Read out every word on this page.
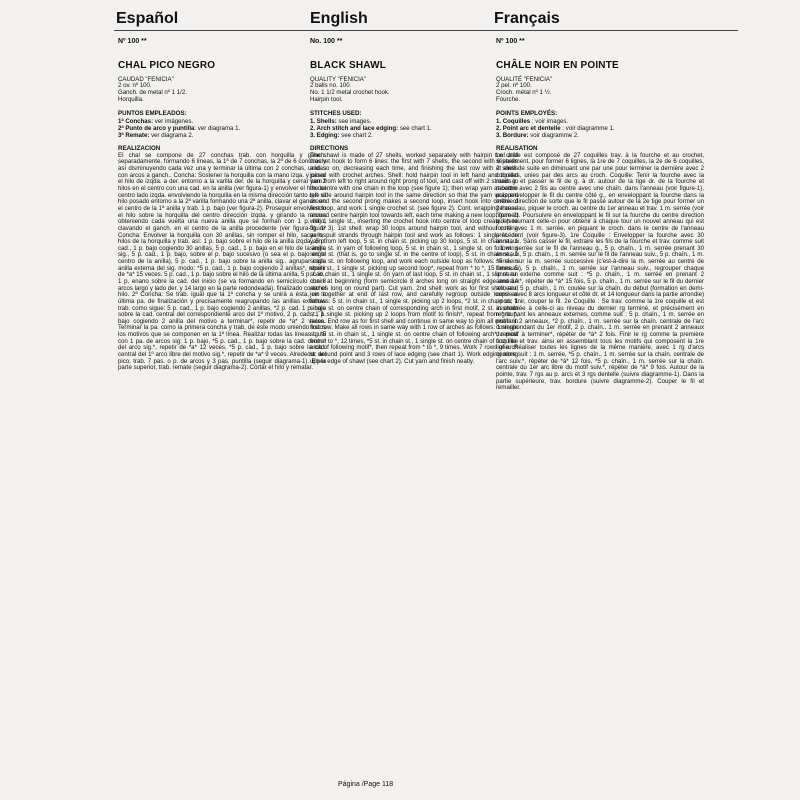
Español	English	Français
Nº 100 **
CHAL PICO NEGRO
CAUDAD "FENICIA"
2 ov. nº 100.
Ganch. de metal nº 1 1/2.
Horquilla.
PUNTOS EMPLEADOS:
1ª Conchas: ver imágenes.
2ª Punto de arco y puntilla: ver diagrama 1.
3ª Remate: ver diagrama 2.
REALIZACION

El chal se compone de 27 conchas trab. con horquilla y ganch. separadamente, formando 6 líneas, la 1ª de 7 conchas, la 2ª de 6 conchas y así disminuyendo cada vez una y terminar la última con 2 conchas, unidas con arcos a ganch.. Concha: Sostener la horquilla con la mano izqa. y pasar el hilo de izqda. a der. entorno a la varilla der. de la horquilla y cerrar con 2 hilos en el centro con una cad. en la anilla (ver figura-1) y envolver el hilo del centro lado izqda. envolviendo la horquilla en la misma dirección tanto que el hilo posado entorno a la 2ª varilla formando una 2ª anilla, clavar el ganch. en el centro de la 1ª anilla y trab. 1 p. bajo (ver figura-2). Proseguir envolviendo el hilo sobre la horquilla del centro dirección izqda. y girando la misma obteniendo cada vuelta una nueva anilla que se forman con 1 p. bajo, clavando el ganch. en el centro de la anilla procedente (ver figura-3). 1ª Concha: Envolver la horquilla con 30 anillas, sin romper el hilo, sacar los hilos de la horquilla y trab. así: 1 p. bajo sobre el hilo de la anilla izqda., 5 p. cad., 1 p. bajo cogiendo 30 anillas, 5 p. cad., 1 p. bajo en el hilo de la anilla sig., 5 p. cad., 1 p. bajo, sobre el p. bajo sucesivo (o sea el p. bajo en el centro de la anilla), 5 p. cad., 1 p. bajo sobre la anilla sig.. agrupar cada anilla externa del sig. modo: *5 p. cad., 1 p. bajo cogiendo 2 anillas*, repetir de *a* 15 veces. 5 p. cad., 1 p. bajo sobre el hilo de la última anilla, 5 p. cad., 1 p. enano sobre la cad. del inicio (se va formando en semicírculo con 8 arcos largo y lado der. y 14 largo en la parte redondeada). finalizado cortar el hilo. 2ª Concha: Se trab. igual que la 1ª concha y se unirá a ésta, en la última pa. de finalización y precisamente reagrupando las anillas externas trab. como sigue: 5 p. cad., 1 p. bajo cogiendo 2 anillas, *2 p. cad. 1 p. bajo sobre la cad. central del correspondiente arco del 1º motivo, 2 p. cad., 1 p. bajo cogiendo 2 anilla del motivo a terminar*, repetir de *a* 2 veces. Terminar la pa. como la primera concha y trab. de éste modo uniendo todos los motivos que se componen en la 1ª línea. Realizar todas las líneas igual con 1 pa. de arcos sig: 1 p. bajo, *5 p. cad., 1 p. bajo sobre la cad. central del arco sig.*, repetir de *a* 12 veces. *5 p. cad., 1 p. bajo sobre la cad. central del 1º arco libre del motivo sig.*, repetir de *a* 9 veces. Alrededor del pico, trab. 7 pas. o p. de arcos y 3 pas. puntilla (seguir diagrama-1). En la parte superior, trab. remate (seguir diagrama-2). Cortar el hilo y rematar.

No. 100 **
BLACK SHAWL
QUALITY "FENICIA"
2 balls no. 100.
No. 1 1/2 metal crochet hook.
Hairpin tool.
STITCHES USED:
1. Shells: see images.
2. Arch stitch and lace edging: see chart 1.
3. Edging: see chart 2.
DIRECTIONS

The shawl is made of 27 shells, worked separately with hairpin tool and crochet hook to form 6 lines: the first with 7 shells, the second with 6 shells and so on, decreasing each time, and finishing the last row with 2 shells joined with crochet arches. Shell: hold hairpin tool in left hand and thread yarn from left to right around right prong of tool, and cast off with 2 strands in the centre with one chain in the loop (see figure 1); then wrap yarn at centre left side around hairpin tool in the same direction so that the yarn wrapped around the second prong makes a second loop, insert hook into centre of first loop, and work 1 single crochet st. (see figure 2). Cont. wrapping thread around centre hairpin tool towards left, each time making a new loop, formed with 1 single st., inserting the crochet hook into centre of loop created (see figure 3). 1st shell: wrap 30 loops around hairpin tool, and without cutting yarn, pull strands through hairpin tool and work as follows: 1 single st. on yarn from left loop, 5 st. in chain st. picking up 30 loops, 5 st. in chain st., 1 single st. in yarn of following loop, 5 st. in chain st., 1 single st. on following single st. (that is, go to single st. in the centre of loop), 5 st. in chain st., 1 single st. on following loop, and work each outside loop as follows: *5 st. in chain st., 1 single st. picking up second loop*, repeat from * to *, 15 times, 5 st. in chain st., 1 single st. on yarn of last loop, 5 st. in chain st., 1 slip st. on chain at beginning (form semicircle 8 arches long on straight edge and 14 arches long on round part). Cut yarn. 2nd shell: work as for first shell, and join together at end of last row, and carefully regroup outside loops as follows: 5 st. in chain st., 1 single st. picking up 2 loops, *2 st. in chain st., 1 single st. on centre chain of corresponding arch in first motif, 2 st. in chain st., 1 single st. picking up 2 loops from motif to finish*, repeat from * to *, twice. End row as for first shell and continue in same way to join all motifs in first row. Make all rows in same way with 1 row of arches as follows: 1 single st., *5 st. in chain st., 1 single st. on centre chain of following arch*, repeat from * to *, 12 times, *5 st. in chain st., 1 single st. on centre chain of first free arch of following motif*, then repeat from * to *, 9 times. Work 7 rows of arch st. around point and 3 rows of lace edging (see chart 1). Work edging along upper edge of shawl (see chart 2). Cut yarn and finish neatly.

Nº 100 **
CHÂLE NOIR EN POINTE
QUALITÉ "FENICIA"
2 pel. nº 100.
Croch. métal nº 1 ½.
Fourche.
POINTS EMPLOYÉS:
1. Coquilles : voir images.
2. Point arc et dentelle : voir diagramme 1.
3. Bordure: voir diagramme 2.
REALISATION

Le châle est composé de 27 coquilles trav. à la fourche et au crochet, séparément, pour former 6 lignes, la 1re de 7 coquilles, la 2e de 6 coquilles, et ainsi de suite en diminuant une par une pour terminer la dernière avec 2 coquilles, unies par des arcs au croch. Coquille: Tenir la fourche avec la main g. et passer le fil de g. à dr. autour de la tige dr. de la fourche et rabattre avec 2 fils au centre avec une chaîn. dans l'anneau (voir figure-1), puis envelopper le fil du centre côté g., en enveloppant la fourche dans la même direction de sorte que le fil passé autour de la 2e tige pour former un 2e anneau, piquer le croch. au centre du 1er anneau et trav. 1 m. serrée (voir figure-2). Poursuivre en enveloppant le fil sur la fourche du centre direction g. en tournant celle-ci pour obtenir à chaque tour un nouvel anneau qui est formé avec 1 m. serrée, en piquant le croch. dans le centre de l'anneau précédent (voir figure-3). 1re Coquille : Envelopper la fourche avec 30 anneaux. Sans casser le fil, extraire les fils de la fourche et trav. comme suit : 1 m. serrée sur le fil de l'anneau g., 5 p. chaîn., 1 m. serrée prenant 30 anneaux, 5 p. chaîn., 1 m. serrée sur le fil de l'anneau suiv., 5 p. chaîn., 1 m. serrée sur la m. serrée successive (c'est-à-dire la m. serrée au centre de l'anneau), 5 p. chaîn., 1 m. serrée sur l'anneau suiv., regrouper chaque anneau externe comme suit : *5 p. chaîn., 1 m. serrée en prenant 2 anneaux*, répéter de *à* 15 fois, 5 p. chaîn., 1 m. serrée sur le fil du dernier anneau, 5 p. chaîn., 1 m. coulée sur la chaîn. du début (formation en demi-cercle avec 8 arcs longueur et côté dr. et 14 longueur dans la partie arrondie) ; pour finir, couper le fil. 2e Coquille : Se trav. comme la 1re coquille et est assemblée à celle-ci au niveau du dernier rg terminé, et précisément en regroupant les anneaux externes, comme suit : 5 p. chaîn., 1 m. serrée en prenant 2 anneaux, *2 p. chaîn., 1 m. serrée sur la chaîn. centrale de l'arc correspondant du 1er motif, 2 p. chaîn., 1 m. serrée en prenant 2 anneaux du motif à terminer*, répéter de *à* 2 fois. Finir le rg comme la première coquille et trav. ainsi en assemblant tous les motifs qui composent la 1re ligne. Réaliser toutes les lignes de la même manière, avec 1 rg d'arcs comme suit : 1 m. serrée, *5 p. chaîn., 1 m. serrée sur la chaîn. centrale de l'arc suiv.*, répéter de *à* 12 fois, *5 p. chaîn., 1 m. serrée sur la chaîn. centrale du 1er arc libre du motif suiv.*, répéter de *à* 9 fois. Autour de la pointe, trav. 7 rgs au p. arcs et 3 rgs dentelle (suivre diagramme-1). Dans la partie supérieure, trav. bordure (suivre diagramme-2). Couper le fil et remailler.

Página /Page 118
